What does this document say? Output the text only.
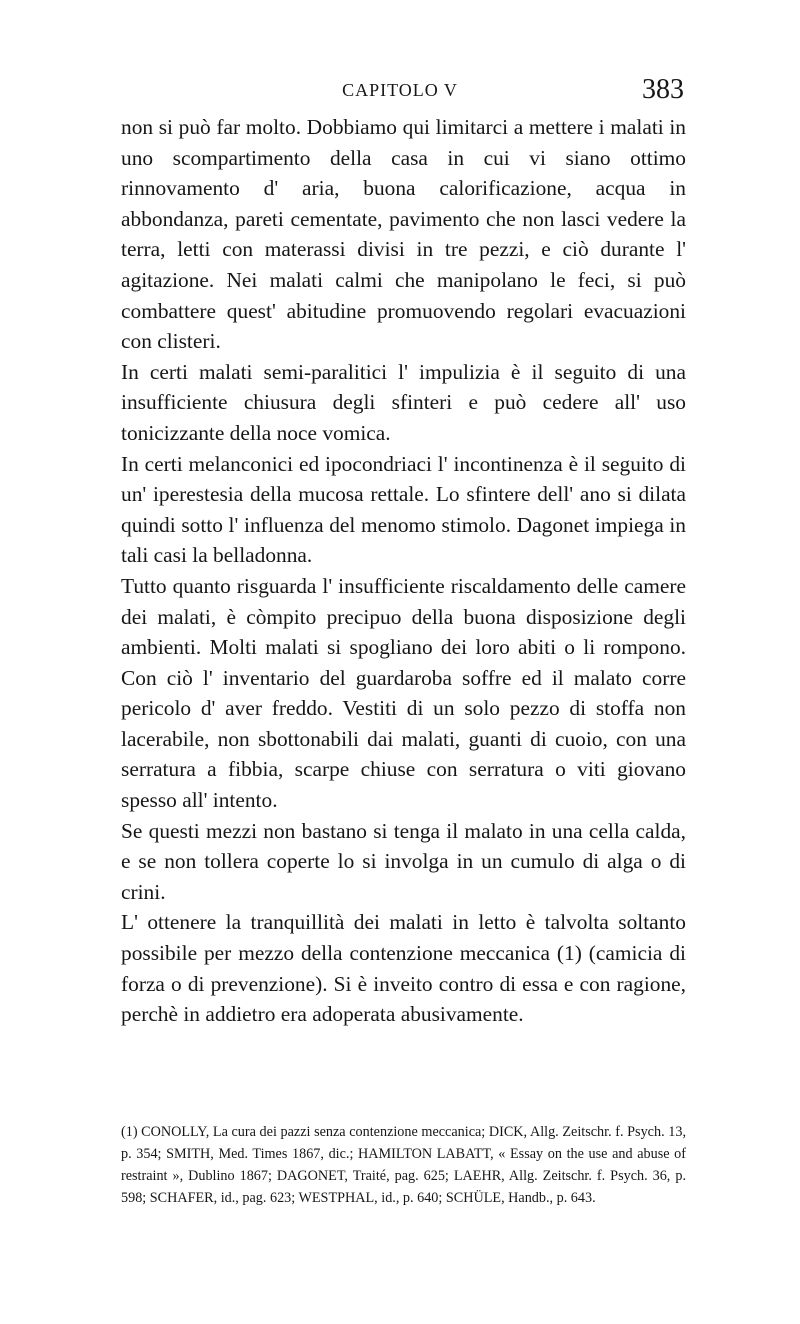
CAPITOLO V	383

non si può far molto. Dobbiamo qui limitarci a mettere i malati in uno scompartimento della casa in cui vi siano ottimo rinnovamento d' aria, buona calorificazione, acqua in abbondanza, pareti cementate, pavimento che non lasci vedere la terra, letti con materassi divisi in tre pezzi, e ciò durante l' agitazione. Nei malati calmi che manipolano le feci, si può combattere quest' abitudine promuovendo regolari evacuazioni con clisteri.

In certi malati semi-paralitici l' impulizia è il seguito di una insufficiente chiusura degli sfinteri e può cedere all' uso tonicizzante della noce vomica.

In certi melanconici ed ipocondriaci l' incontinenza è il seguito di un' iperestesia della mucosa rettale. Lo sfintere dell' ano si dilata quindi sotto l' influenza del menomo stimolo. Dagonet impiega in tali casi la belladonna.

Tutto quanto risguarda l' insufficiente riscaldamento delle camere dei malati, è còmpito precipuo della buona disposizione degli ambienti. Molti malati si spogliano dei loro abiti o li rompono. Con ciò l' inventario del guardaroba soffre ed il malato corre pericolo d' aver freddo. Vestiti di un solo pezzo di stoffa non lacerabile, non sbottonabili dai malati, guanti di cuoio, con una serratura a fibbia, scarpe chiuse con serratura o viti giovano spesso all' intento.

Se questi mezzi non bastano si tenga il malato in una cella calda, e se non tollera coperte lo si involga in un cumulo di alga o di crini.

L' ottenere la tranquillità dei malati in letto è talvolta soltanto possibile per mezzo della contenzione meccanica (1) (camicia di forza o di prevenzione). Si è inveito contro di essa e con ragione, perchè in addietro era adoperata abusivamente.

(1) CONOLLY, La cura dei pazzi senza contenzione meccanica; DICK, Allg. Zeitschr. f. Psych. 13, p. 354; SMITH, Med. Times 1867, dic.; HAMILTON LABATT, « Essay on the use and abuse of restraint », Dublino 1867; DAGONET, Traité, pag. 625; LAEHR, Allg. Zeitschr. f. Psych. 36, p. 598; SCHAFER, id., pag. 623; WESTPHAL, id., p. 640; SCHÜLE, Handb., p. 643.
